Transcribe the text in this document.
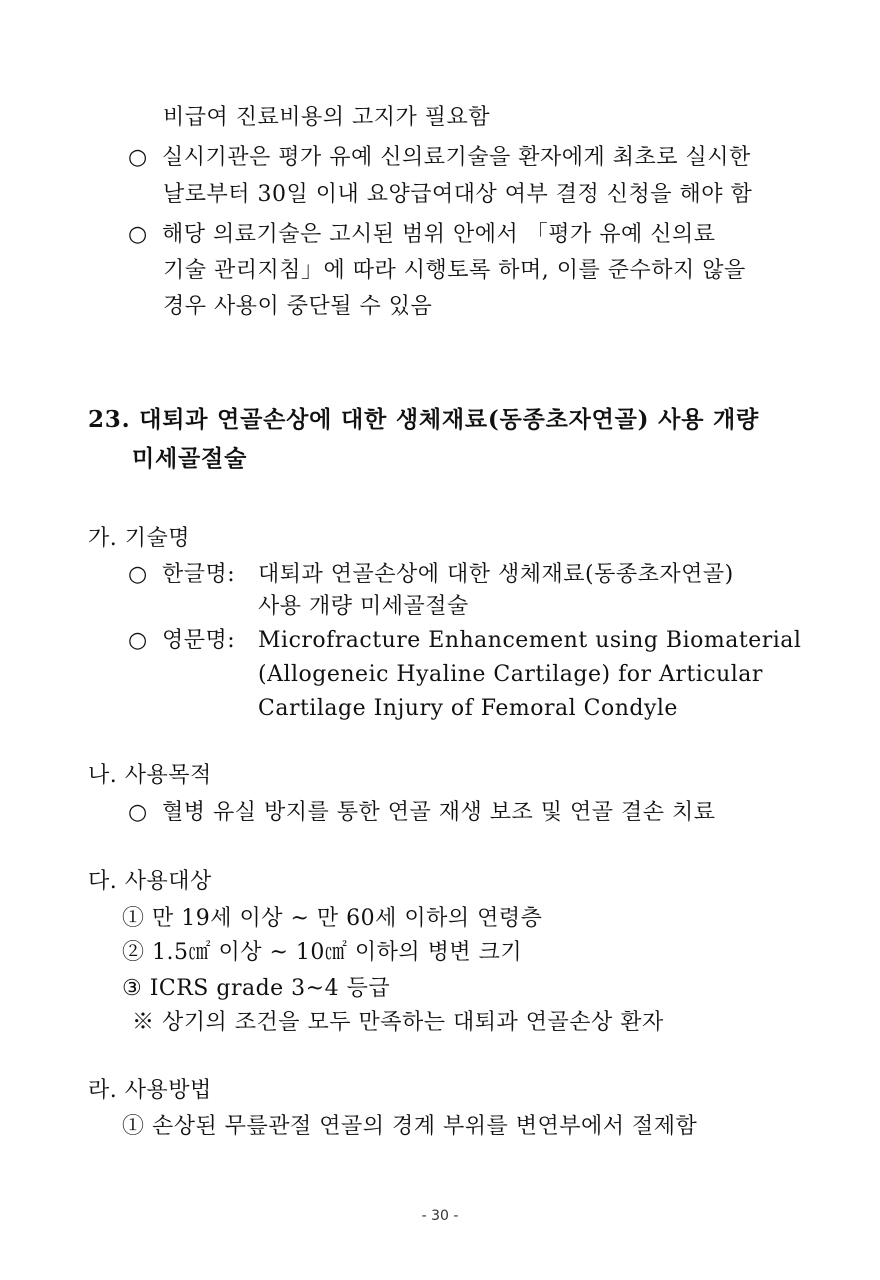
비급여 진료비용의 고지가 필요함
○ 실시기관은 평가 유예 신의료기술을 환자에게 최초로 실시한
날로부터 30일 이내 요양급여대상 여부 결정 신청을 해야 함
○ 해당 의료기술은 고시된 범위 안에서 「평가 유예 신의료
기술 관리지침」에 따라 시행토록 하며, 이를 준수하지 않을
경우 사용이 중단될 수 있음
23. 대퇴과 연골손상에 대한 생체재료(동종초자연골) 사용 개량
미세골절술
가. 기술명
○ 한글명: 대퇴과 연골손상에 대한 생체재료(동종초자연골)
사용 개량 미세골절술
○ 영문명: Microfracture Enhancement using Biomaterial
(Allogeneic Hyaline Cartilage) for Articular
Cartilage Injury of Femoral Condyle
나. 사용목적
○ 혈병 유실 방지를 통한 연골 재생 보조 및 연골 결손 치료
다. 사용대상
① 만 19세 이상 ~ 만 60세 이하의 연령층
② 1.5㎠ 이상 ~ 10㎠ 이하의 병변 크기
③ ICRS grade 3~4 등급
※ 상기의 조건을 모두 만족하는 대퇴과 연골손상 환자
라. 사용방법
① 손상된 무릎관절 연골의 경계 부위를 변연부에서 절제함
- 30 -
